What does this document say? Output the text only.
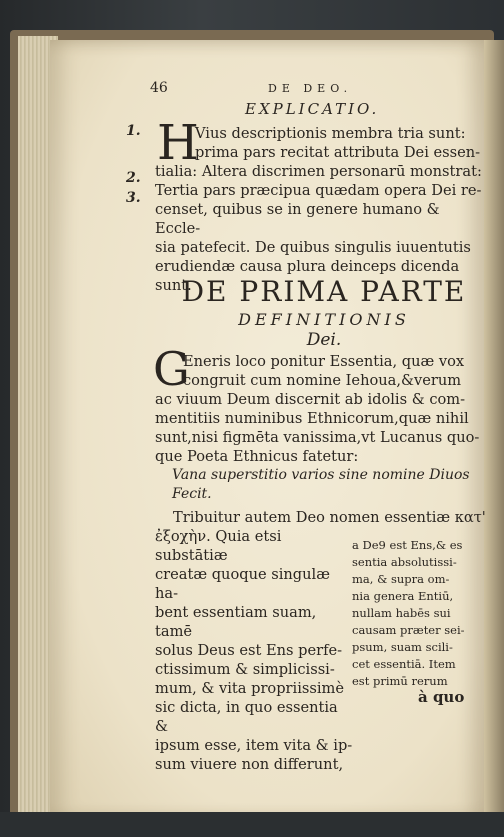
46	DE DEO.
EXPLICATIO.
1.
2.
3.
H
Vius descriptionis membra tria sunt:
prima pars recitat attributa Dei essen-
tialia: Altera discrimen personarū monstrat:
Tertia pars præcipua quædam opera Dei re-
censet, quibus se in genere humano & Eccle-
sia patefecit. De quibus singulis iuuentutis
erudiendæ causa plura deinceps dicenda
sunt.
DE PRIMA PARTE
DEFINITIONIS
Dei.
G
Eneris loco ponitur Essentia, quæ vox
congruit cum nomine Iehoua,&verum
ac viuum Deum discernit ab idolis & com-
mentitiis numinibus Ethnicorum,quæ nihil
sunt,nisi figmēta vanissima,vt Lucanus quo-
que Poeta Ethnicus fatetur:
Vana superstitio varios sine nomine Diuos
Fecit.
Tribuitur autem Deo nomen essentiæ κατ'
ἐξοχὴν. Quia etsi substātiæ
creatæ quoque singulæ ha-
bent essentiam suam, tamē
solus Deus est Ens perfe-
ctissimum & simplicissi-
mum, & vita propriissimè
sic dicta, in quo essentia &
ipsum esse, item vita & ip-
sum viuere non differunt,
a De9 est Ens,& es
sentia absolutissi-
ma, & supra om-
nia genera Entiū,
nullam habēs sui
causam præter sei-
psum, suam scili-
cet essentiā. Item
est primū rerum
à quo
